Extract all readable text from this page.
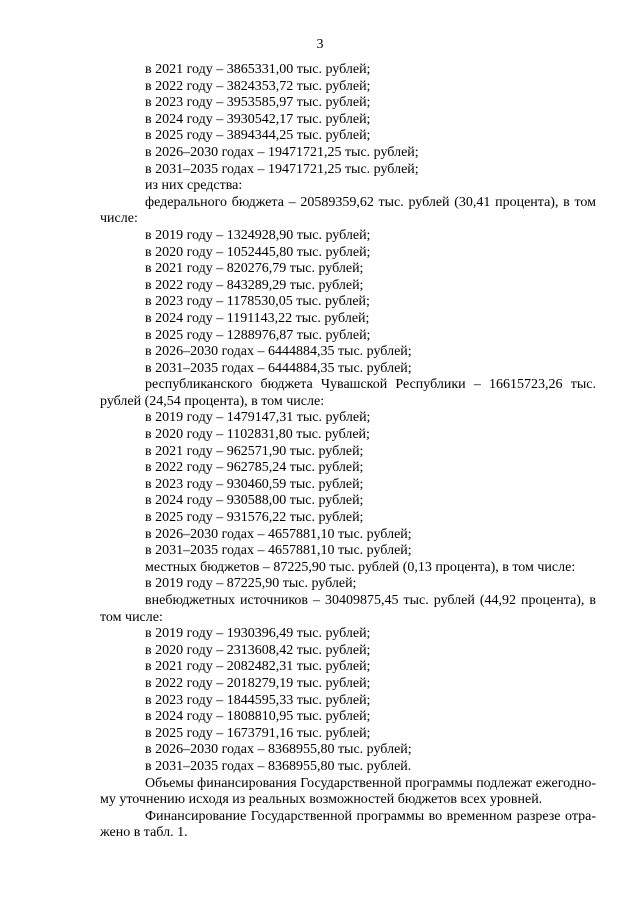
3
в 2021 году – 3865331,00 тыс. рублей;
в 2022 году – 3824353,72 тыс. рублей;
в 2023 году – 3953585,97 тыс. рублей;
в 2024 году – 3930542,17 тыс. рублей;
в 2025 году – 3894344,25 тыс. рублей;
в 2026–2030 годах – 19471721,25 тыс. рублей;
в 2031–2035 годах – 19471721,25 тыс. рублей;
из них средства:
федерального бюджета – 20589359,62 тыс. рублей (30,41 процента), в том
числе:
в 2019 году – 1324928,90 тыс. рублей;
в 2020 году – 1052445,80 тыс. рублей;
в 2021 году – 820276,79 тыс. рублей;
в 2022 году – 843289,29 тыс. рублей;
в 2023 году – 1178530,05 тыс. рублей;
в 2024 году – 1191143,22 тыс. рублей;
в 2025 году – 1288976,87 тыс. рублей;
в 2026–2030 годах – 6444884,35 тыс. рублей;
в 2031–2035 годах – 6444884,35 тыс. рублей;
республиканского бюджета Чувашской Республики – 16615723,26 тыс.
рублей (24,54 процента), в том числе:
в 2019 году – 1479147,31 тыс. рублей;
в 2020 году – 1102831,80 тыс. рублей;
в 2021 году – 962571,90 тыс. рублей;
в 2022 году – 962785,24 тыс. рублей;
в 2023 году – 930460,59 тыс. рублей;
в 2024 году – 930588,00 тыс. рублей;
в 2025 году – 931576,22 тыс. рублей;
в 2026–2030 годах – 4657881,10 тыс. рублей;
в 2031–2035 годах – 4657881,10 тыс. рублей;
местных бюджетов – 87225,90 тыс. рублей (0,13 процента), в том числе:
в 2019 году – 87225,90 тыс. рублей;
внебюджетных источников – 30409875,45 тыс. рублей (44,92 процента), в
том числе:
в 2019 году – 1930396,49 тыс. рублей;
в 2020 году – 2313608,42 тыс. рублей;
в 2021 году – 2082482,31 тыс. рублей;
в 2022 году – 2018279,19 тыс. рублей;
в 2023 году – 1844595,33 тыс. рублей;
в 2024 году – 1808810,95 тыс. рублей;
в 2025 году – 1673791,16 тыс. рублей;
в 2026–2030 годах – 8368955,80 тыс. рублей;
в 2031–2035 годах – 8368955,80 тыс. рублей.
Объемы финансирования Государственной программы подлежат ежегодно-
му уточнению исходя из реальных возможностей бюджетов всех уровней.
Финансирование Государственной программы во временном разрезе отра-
жено в табл. 1.
